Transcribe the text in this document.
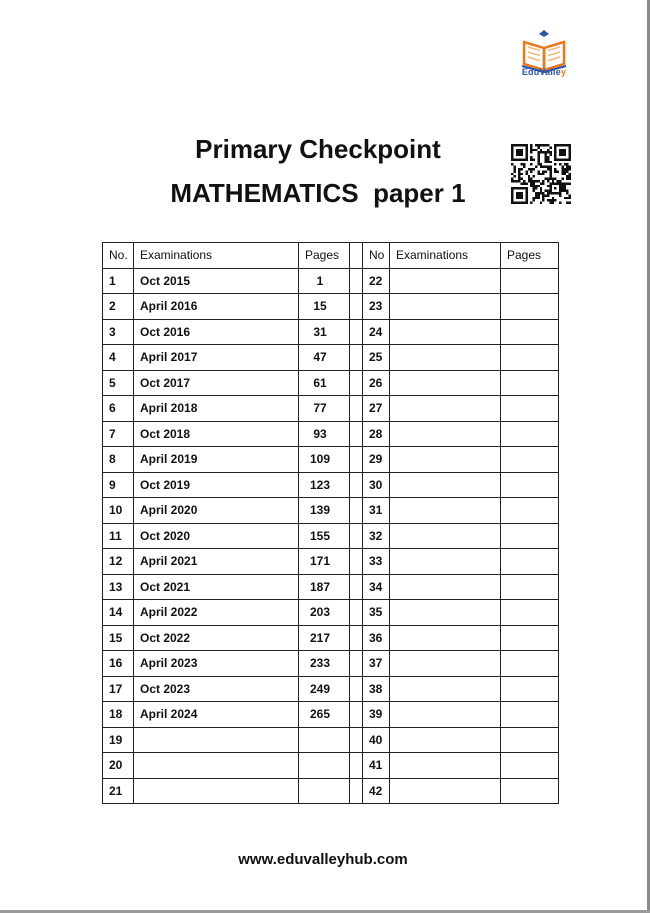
EduValley
Primary Checkpoint
MATHEMATICS  paper 1
No.	Examinations	Pages		No	Examinations	Pages
1	Oct 2015	1		22		
2	April 2016	15		23		
3	Oct 2016	31		24		
4	April 2017	47		25		
5	Oct 2017	61		26		
6	April 2018	77		27		
7	Oct 2018	93		28		
8	April 2019	109		29		
9	Oct 2019	123		30		
10	April 2020	139		31		
11	Oct 2020	155		32		
12	April 2021	171		33		
13	Oct 2021	187		34		
14	April 2022	203		35		
15	Oct 2022	217		36		
16	April 2023	233		37		
17	Oct 2023	249		38		
18	April 2024	265		39		
19				40		
20				41		
21				42		
www.eduvalleyhub.com
